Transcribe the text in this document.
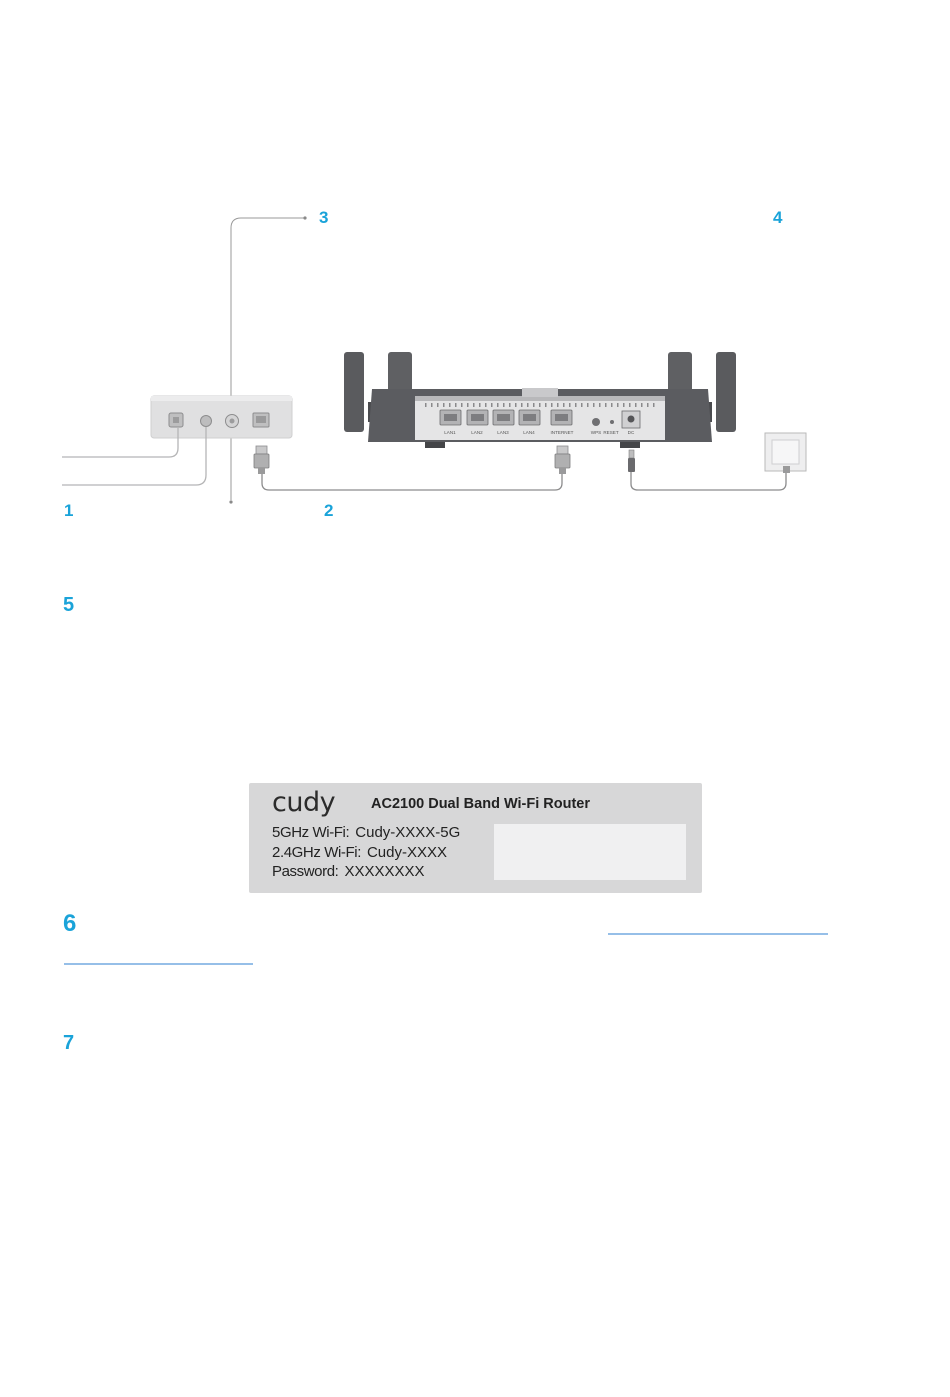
LAN1	LAN2	LAN3	LAN4	INTERNET	WPS RESET DC
3	4
1	2
5
6
7
cudy AC2100 Dual Band Wi-Fi Router
5GHz Wi-Fi: Cudy-XXXX-5G
2.4GHz Wi-Fi: Cudy-XXXX
Password: XXXXXXXX
